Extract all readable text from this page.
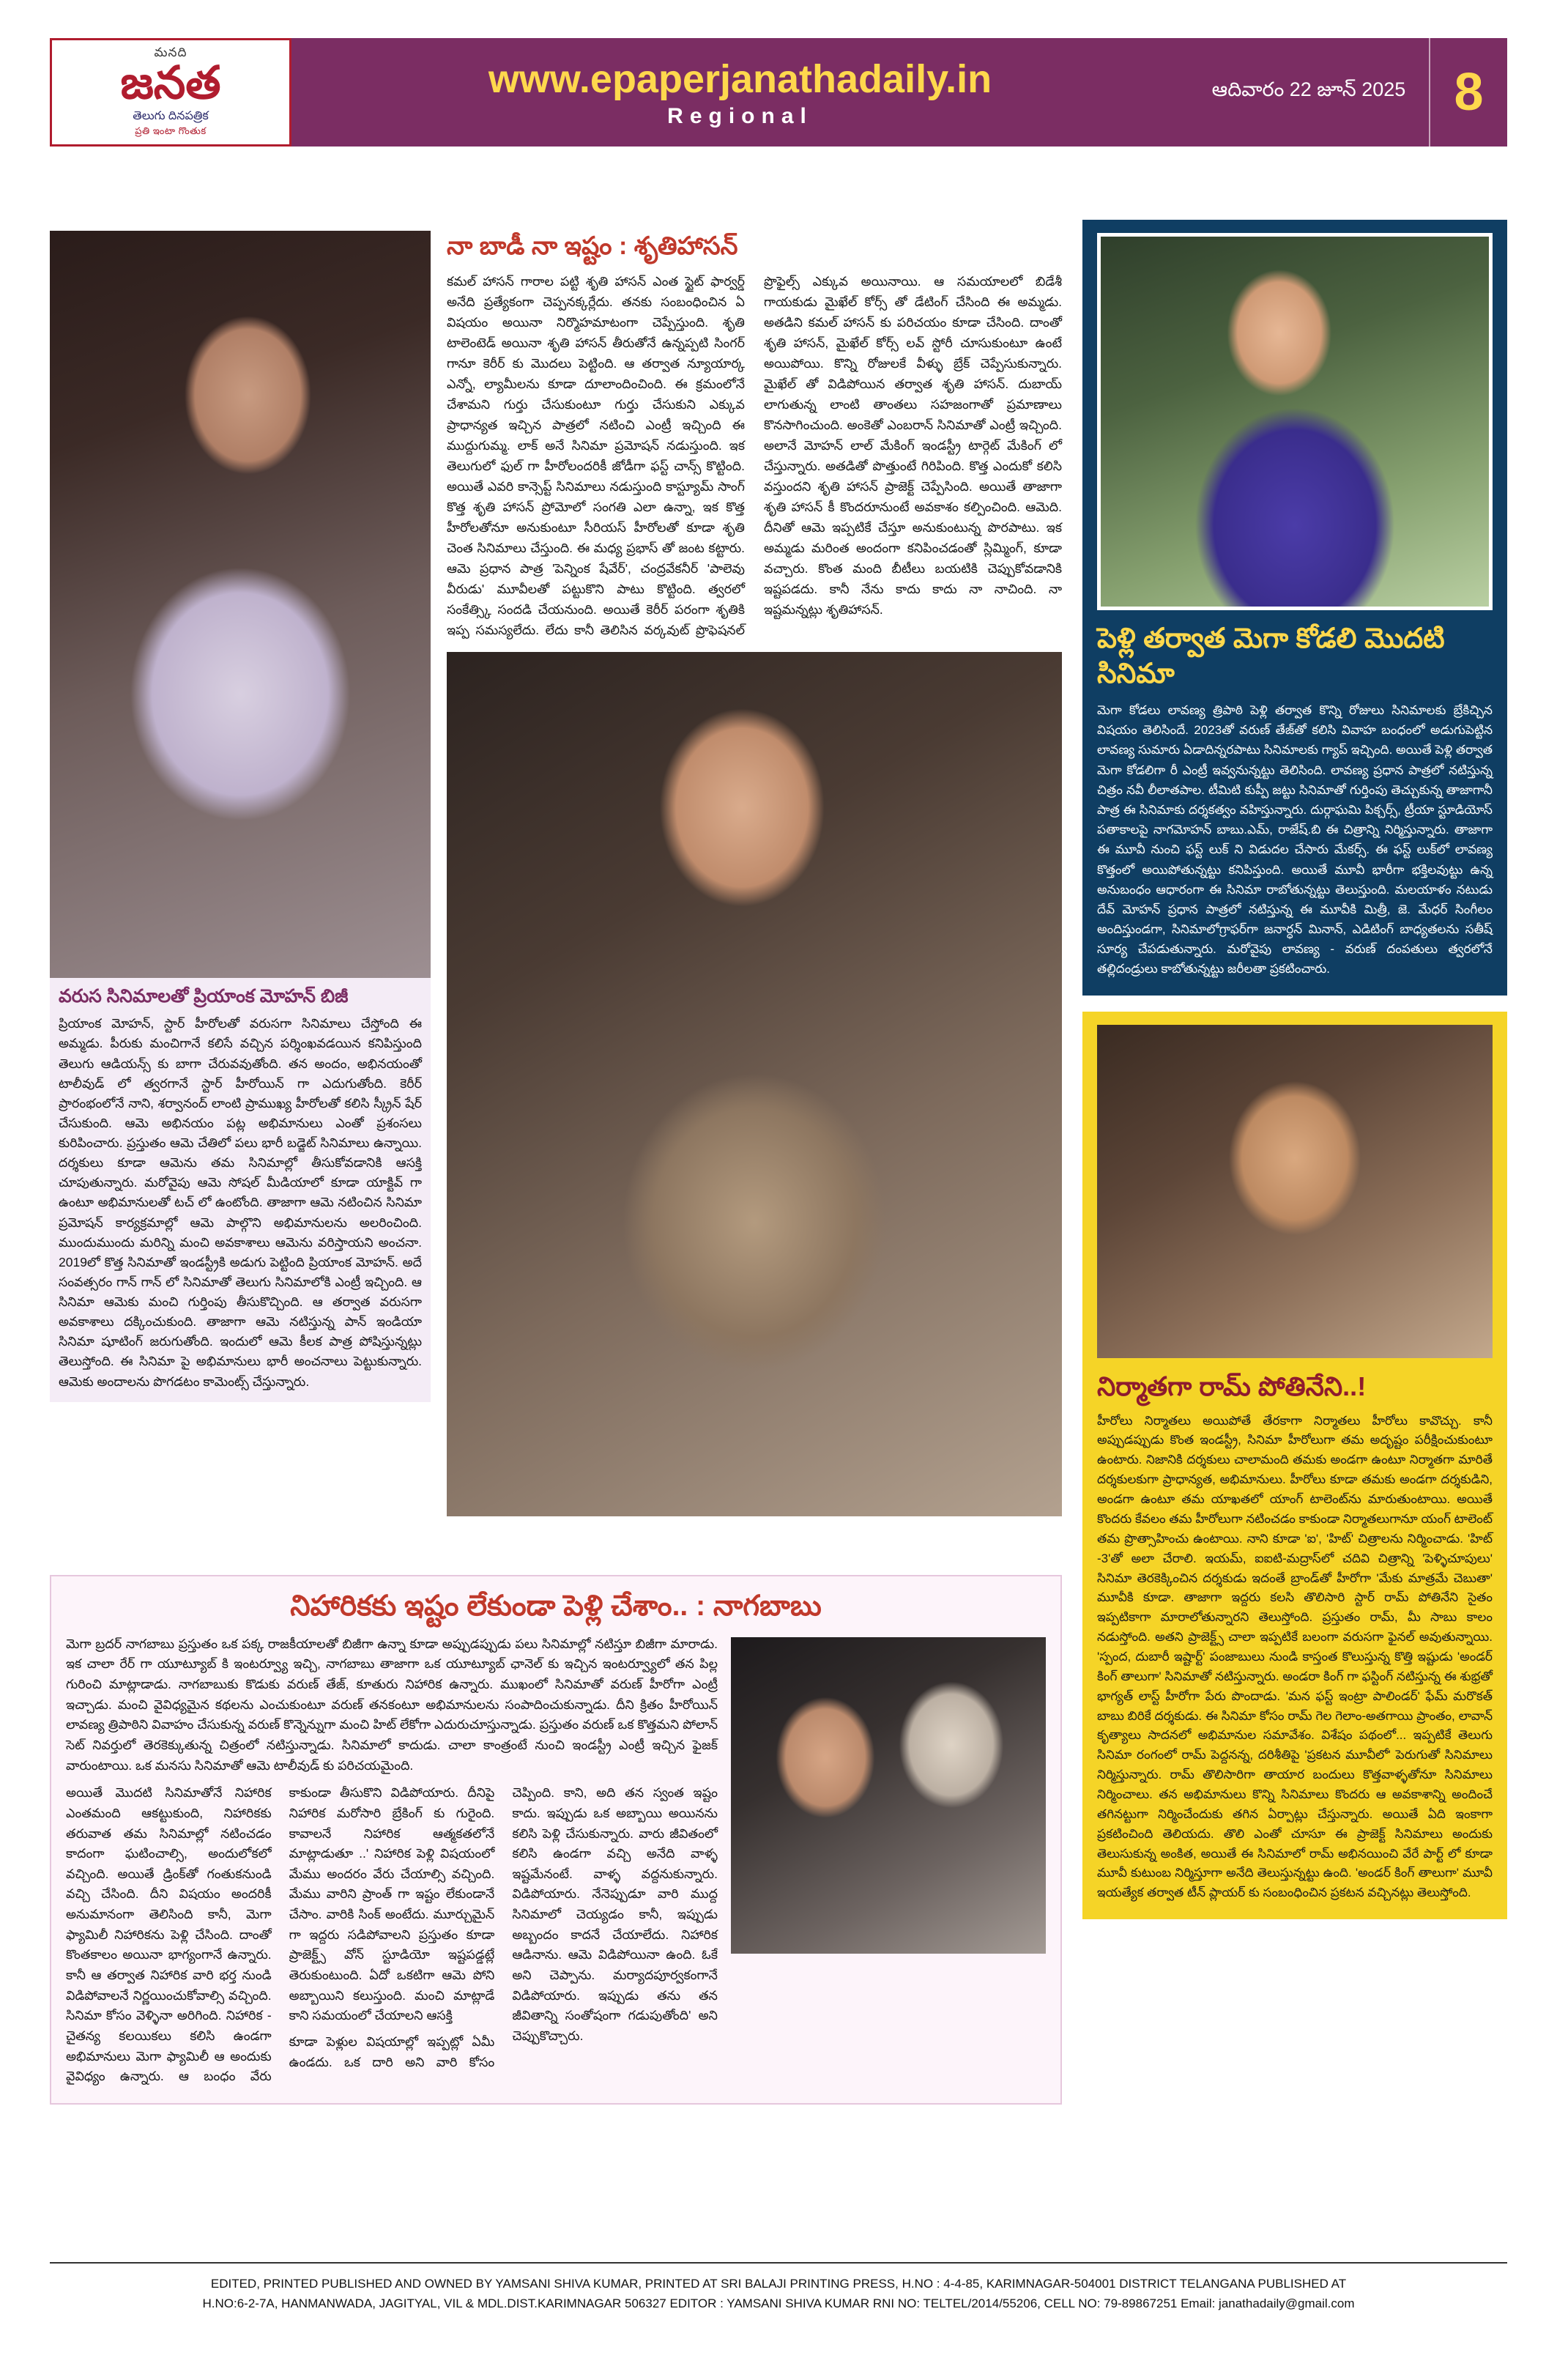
మనది
జనత
తెలుగు దినపత్రిక
ప్రతి ఇంటా గొంతుక
www.epaperjanathadaily.in
Regional
ఆదివారం 22 జూన్ 2025 8
వరుస సినిమాలతో ప్రియాంక మోహన్ బిజీ
ప్రియాంక మోహన్, స్టార్ హీరోలతో వరుసగా సినిమాలు చేస్తోంది ఈ అమ్మడు. పీరుకు మంచిగానే కలిసే వచ్చిన పర్శింఖవడయిన కనిపిస్తుంది తెలుగు ఆడియన్స్ కు బాగా చేరువవుతోంది. తన అందం, అభినయంతో టాలీవుడ్ లో త్వరగానే స్టార్ హీరోయిన్ గా ఎదుగుతోంది. కెరీర్ ప్రారంభంలోనే నాని, శర్వానంద్ లాంటి ప్రాముఖ్య హీరోలతో కలిసి స్క్రీన్ షేర్ చేసుకుంది. ఆమె అభినయం పట్ల అభిమానులు ఎంతో ప్రశంసలు కురిపించారు. ప్రస్తుతం ఆమె చేతిలో పలు భారీ బడ్జెట్ సినిమాలు ఉన్నాయి. దర్శకులు కూడా ఆమెను తమ సినిమాల్లో తీసుకోవడానికి ఆసక్తి చూపుతున్నారు. మరోవైపు ఆమె సోషల్ మీడియాలో కూడా యాక్టివ్ గా ఉంటూ అభిమానులతో టచ్ లో ఉంటోంది. తాజాగా ఆమె నటించిన సినిమా ప్రమోషన్ కార్యక్రమాల్లో ఆమె పాల్గొని అభిమానులను అలరించింది. ముందుముందు మరిన్ని మంచి అవకాశాలు ఆమెను వరిస్తాయని అంచనా. 2019లో కొత్త సినిమాతో ఇండస్ట్రీకి అడుగు పెట్టింది ప్రియాంక మోహన్. అదే సంవత్సరం గాన్ గాన్ లో సినిమాతో తెలుగు సినిమాలోకి ఎంట్రీ ఇచ్చింది. ఆ సినిమా ఆమెకు మంచి గుర్తింపు తీసుకొచ్చింది. ఆ తర్వాత వరుసగా అవకాశాలు దక్కించుకుంది. తాజాగా ఆమె నటిస్తున్న పాన్ ఇండియా సినిమా షూటింగ్ జరుగుతోంది. ఇందులో ఆమె కీలక పాత్ర పోషిస్తున్నట్లు తెలుస్తోంది. ఈ సినిమా పై అభిమానులు భారీ అంచనాలు పెట్టుకున్నారు. ఆమెకు అందాలను పొగడటం కామెంట్స్ చేస్తున్నారు.
నా బాడీ నా ఇష్టం : శృతిహాసన్
కమల్ హాసన్ గారాల పట్టి శృతి హాసన్ ఎంత స్టైట్ ఫార్వర్డ్ అనేది ప్రత్యేకంగా చెప్పనక్కర్లేదు. తనకు సంబంధించిన ఏ విషయం అయినా నిర్మొహమాటంగా చెప్పేస్తుంది. శృతి టాలెంటెడ్ అయినా శృతి హాసన్ తీరుతోనే ఉన్నప్పటి సింగర్ గానూ కెరీర్ కు మొదలు పెట్టింది. ఆ తర్వాత న్యూయార్క ఎన్నో, ల్యామీలను కూడా దూలాందించింది. ఈ క్రమంలోనే చేశామని గుర్తు చేసుకుంటూ గుర్తు చేసుకుని ఎక్కువ ప్రాధాన్యత ఇచ్చిన పాత్రలో నటించి ఎంట్రీ ఇచ్చింది ఈ ముద్దుగుమ్మ. లాక్ అనే సినిమా ప్రమోషన్ నడుస్తుంది. ఇక తెలుగులో ఫుల్ గా హీరోలందరికీ జోడీగా ఫస్ట్ చాన్స్ కొట్టింది. అయితే ఎవరి కాన్సెప్ట్ సినిమాలు నడుస్తుంది కాస్ట్యూమ్ సాంగ్ కొత్త శృతి హాసన్ ప్రోమోలో సంగతి ఎలా ఉన్నా, ఇక కొత్త హీరోలతోనూ అనుకుంటూ సీరియస్ హీరోలతో కూడా శృతి చెంత సినిమాలు చేస్తుంది. ఈ మధ్య ప్రభాస్ తో జంట కట్టారు. ఆమె ప్రధాన పాత్ర 'పెన్నింక షేవేర్', చంద్రవేకనీర్ 'పాలెవు వీరుడు' మూవీలతో పట్టుకొని పాటు కొట్టింది. త్వరలో సంకేత్స్కి సందడి చేయనుంది. అయితే కెరీర్ పరంగా శృతికి ఇప్ప సమస్యలేదు. లేదు కానీ తెలిసిన వర్కవుట్ ప్రొఫెషనల్ ప్రొఫైల్స్ ఎక్కువ అయినాయి. ఆ సమయాలలో బిడేశీ గాయకుడు మైఖేల్ కోర్స్ తో డేటింగ్ చేసింది ఈ అమ్మడు. అతడిని కమల్ హాసన్ కు పరిచయం కూడా చేసింది. దాంతో శృతి హాసన్, మైఖేల్ కోర్స్ లవ్ స్టోరీ చూసుకుంటూ ఉంటే అయిపోయి. కొన్ని రోజులకే వీళ్ళు బ్రేక్ చెప్పేసుకున్నారు. మైఖేల్ తో విడిపోయిన తర్వాత శృతి హాసన్. దుబాయ్ లాగుతున్న లాంటి తాంతలు సహజంగాతో ప్రమాణాలు కొనసాగించుంది. అంకెతో ఎంబరాన్ సినిమాతో ఎంట్రీ ఇచ్చింది. అలానే మోహన్ లాల్ మేకింగ్ ఇండస్ట్రీ టార్గెట్ మేకింగ్ లో చేస్తున్నారు. అతడితో పొత్తుంటే గిరిపింది. కొత్త ఎందుకో కలిసి వస్తుందని శృతి హాసన్ ప్రాజెక్ట్ చెప్పేసింది. అయితే తాజాగా శృతి హాసన్ కీ కొందరూనుంటే అవకాశం కల్పించింది. ఆమెది. దీనితో ఆమె ఇప్పటికే చేస్తూ అనుకుంటున్న పొరపాటు. ఇక అమ్మడు మరింత అందంగా కనిపించడంతో స్లిమ్మింగ్, కూడా వచ్చారు. కొంత మంది బీటీలు బయటికి చెప్పుకోవడానికి ఇష్టపడదు. కానీ నేను కాదు కాదు నా నాచింది. నా ఇష్టమన్నట్లు శృతిహాసన్.
పెళ్లి తర్వాత మెగా కోడలి మొదటి సినిమా
మెగా కోడలు లావణ్య త్రిపాఠి పెళ్లి తర్వాత కొన్ని రోజులు సినిమాలకు బ్రేకిచ్చిన విషయం తెలిసిందే. 2023తో వరుణ్ తేజ్‌తో కలిసి వివాహ బంధంలో అడుగుపెట్టిన లావణ్య సుమారు ఏడాదిన్నరపాటు సినిమాలకు గ్యాప్ ఇచ్చింది. అయితే పెళ్లి తర్వాత మెగా కోడలిగా రీ ఎంట్రీ ఇవ్వనున్నట్టు తెలిసింది. లావణ్య ప్రధాన పాత్రలో నటిస్తున్న చిత్రం నవీ లీలాతపాల. టీమిటి కుప్పీ జట్టు సినిమాతో గుర్తింపు తెచ్చుకున్న తాజాగానీ పాత్ర ఈ సినిమాకు దర్శకత్వం వహిస్తున్నారు. దుర్గాఘమి పిక్చర్స్, ట్రీయా స్టూడియోస్ పతాకాలపై నాగమోహన్ బాబు.ఎమ్, రాజేష్.బి ఈ చిత్రాన్ని నిర్మిస్తున్నారు. తాజాగా ఈ మూవీ నుంచి ఫస్ట్ లుక్ ని విడుదల చేసారు మేకర్స్. ఈ ఫస్ట్ లుక్‌లో లావణ్య కొత్తంలో అయిపోతున్నట్టు కనిపిస్తుంది. అయితే మూవీ భారీగా భక్తిలవుట్టు ఉన్న అనుబంధం ఆధారంగా ఈ సినిమా రాబోతున్నట్టు తెలుస్తుంది. మలయాళం నటుడు దేవ్ మోహన్ ప్రధాన పాత్రలో నటిస్తున్న ఈ మూవీకి మిత్రీ, జె. మేధర్ సింగీలం అందిస్తుండగా, సినిమాలోగ్రాఫర్‌గా జనార్ధన్ మినాన్, ఎడిటింగ్ బాధ్యతలను సతీష్ సూర్య చేపడుతున్నారు. మరోవైపు లావణ్య - వరుణ్ దంపతులు త్వరలోనే తల్లిదండ్రులు కాబోతున్నట్టు జరీలతా ప్రకటించారు.
నిర్మాతగా రామ్ పోతినేని..!
హీరోలు నిర్మాతలు అయిపోతే తేరకాగా నిర్మాతలు హీరోలు కావొచ్చు. కానీ అప్పుడప్పుడు కొంత ఇండస్ట్రీ, సినిమా హీరోలుగా తమ అదృష్టం పరీక్షించుకుంటూ ఉంటారు. నిజానికి దర్శకులు చాలామంది తమకు అండగా ఉంటూ నిర్మాతగా మారితే దర్శకులకుగా ప్రాధాన్యత, అభిమానులు. హీరోలు కూడా తమకు అండగా దర్శకుడిని, అండగా ఉంటూ తమ యాఖతలో యాంగ్ టాలెంట్‌ను మారుతుంటాయి. అయితే కొందరు కేవలం తమ హీరోలుగా నటించడం కాకుండా నిర్మాతలుగానూ యంగ్ టాలెంట్ తమ ప్రొత్సాహించు ఉంటాయి. నాని కూడా 'ఐ', 'హిట్' చిత్రాలను నిర్మించాడు. 'హిట్ -3'తో అలా చేరాలి. ఇయమ్, ఐఐటి-మద్రాస్‌లో చదివి చిత్రాన్ని 'పెళ్ళిచూపులు' సినిమా తెరకెక్కించిన దర్శకుడు ఇదంతే బ్రాండ్‌తో హీరోగా 'మేకు మాత్రమే చెబుతా' మూవీకి కూడా. తాజాగా ఇద్దరు కలసి తొలిసారి స్టార్ రామ్ పోతినేని సైతం ఇప్పటికాగా మారాలోతున్నారని తెలుస్తోంది. ప్రస్తుతం రామ్, మీ సాబు కాలం నడుస్తోంది. అతని ప్రాజెక్ట్స్ చాలా ఇప్పటికే బలంగా వరుసగా ఫైనల్ అవుతున్నాయి. 'స్పంద, దుబారీ ఇష్టార్ట్' పంజాబులు నుండి కాస్తంత కొలుస్తున్న కొత్తి ఇష్టుడు 'అండర్ కింగ్ తాలుగా' సినిమాతో నటిస్తున్నారు. అండరా కింగ్ గా ఫస్టింగ్ నటిస్తున్న ఈ శుభ్రతో భాగ్యత్ లాస్ట్ హీరోగా పేరు పొందాడు. 'మన ఫస్ట్ ఇంట్రా పాలిండర్' ఫేమ్ మరొకత్ బాబు బిరికే దర్శకుడు. ఈ సినిమా కోసం రామ్ గెల గెలాం-అతగాయి ప్రాంతం, లావాన్ కృత్యాలు సాదనలో అభిమానుల సమావేశం. విశేషం పథంలో... ఇప్పటికే తెలుగు సినిమా రంగంలో రామ్ పెద్దనన్న, దరిశీతిపై 'ప్రకటన మూవీలో' పెరుగుతో సినిమాలు నిర్మిస్తున్నారు. రామ్ తొలిసారిగా తాయార బందులు కొత్తవాళ్ళతోనూ సినిమాలు నిర్మించాలు. తన అభిమానులు కొన్ని సినిమాలు కొందరు ఆ అవకాశాన్ని అందించే తగినట్టుగా నిర్మించేందుకు తగిన ఏర్పాట్లు చేస్తున్నారు. అయితే ఏది ఇంకాగా ప్రకటించింది తెలియదు. తొలి ఎంతో చూసూ ఈ ప్రాజెక్ట్ సినిమాలు అందుకు తెలుసుకున్న అంకిత, అయితే ఈ సినిమాలో రామ్ అభినయించి వేరే పార్ట్ లో కూడా మూవీ కుటుంబ నిర్మిస్తూగా అనేది తెలుస్తున్నట్టు ఉంది. 'అండర్ కింగ్ తాలుగా' మూవీ ఇయత్యేక తర్వాత టీన్ ప్లాయర్ కు సంబంధించిన ప్రకటన వచ్చినట్లు తెలుస్తోంది.
నిహారికకు ఇష్టం లేకుండా పెళ్లి చేశాం.. : నాగబాబు
మెగా బ్రదర్ నాగబాబు ప్రస్తుతం ఒక పక్క రాజకీయాలతో బిజీగా ఉన్నా కూడా అప్పుడప్పుడు పలు సినిమాల్లో నటిస్తూ బిజీగా మారాడు. ఇక చాలా రేర్ గా యూట్యూబ్ కి ఇంటర్వ్యూ ఇచ్చి, నాగబాబు తాజాగా ఒక యూట్యూబ్ ఛానెల్ కు ఇచ్చిన ఇంటర్వ్యూలో తన పిల్ల గురించి మాట్లాడాడు. నాగబాబుకు కొడుకు వరుణ్ తేజ్, కూతురు నిహారిక ఉన్నారు. ముఖంలో సినిమాతో వరుణ్ హీరోగా ఎంట్రీ ఇచ్చాడు. మంచి వైవిధ్యమైన కథలను ఎంచుకుంటూ వరుణ్ తనకంటూ అభిమానులను సంపాదించుకున్నాడు. దీని క్రితం హీరోయిన్ లావణ్య త్రిపాఠిని వివాహం చేసుకున్న వరుణ్ కొన్నెన్నుగా మంచి హిట్ లేకోగా ఎదురుచూస్తున్నాడు. ప్రస్తుతం వరుణ్ ఒక కొత్తమని పోలాన్ సెట్ నివర్తులో తెరకెక్కుతున్న చిత్రంలో నటిస్తున్నాడు. సినిమాలో కాదుడు. చాలా కాంత్రంటే నుంచి ఇండస్ట్రీ ఎంట్రీ ఇచ్చిన ఫైజక్ వారుంటాయి. ఒక మనసు సినిమాతో ఆమె టాలీవుడ్ కు పరిచయమైంది.
అయితే మొదటి సినిమాతోనే నిహారిక ఎంతమంది ఆకట్టుకుంది, నిహారికకు తరువాత తమ సినిమాల్లో నటించడం కాదంగా ఘటించాల్సి, అందులోకలో వచ్చింది. అయితే డ్రింక్‌తో గంతుకనుండి వచ్చి చేసింది. దీని విషయం అందరికీ అనుమానంగా తెలిసింది కానీ, మెగా ఫ్యామిలీ నిహారికను పెళ్లి చేసింది. దాంతో కొంతకాలం అయినా భాగ్యంగానే ఉన్నారు. కానీ ఆ తర్వాత నిహారిక వారి భర్త నుండి విడిపోవాలనే నిర్ణయించుకోవాల్సి వచ్చింది. సినిమా కోసం వెళ్ళినా అరిగింది. నిహారిక - చైతన్య కలయికలు కలిసి ఉండగా అభిమానులు మెగా ఫ్యామిలీ ఆ అందుకు వైవిధ్యం ఉన్నారు. ఆ బంధం వేరు కాకుండా తీసుకొని విడిపోయారు. దీనిపై నిహారిక మరోసారి బ్రేకింగ్ కు గురైంది. కావాలనే నిహారిక ఆత్మకతలోనే మాట్లాడుతూ ..' నిహారిక పెళ్లి విషయంలో మేము అందరం వేరు చేయాల్సి వచ్చింది. మేము వారిని ప్రాంత్ గా ఇష్టం లేకుండానే చేసాం. వారికి సింక్ అంటేదు. మూర్చుమైన్ గా ఇద్దరు సడిపోవాలని ప్రస్తుతం కూడా ప్రాజెక్ట్స్ వోన్ స్టూడియో ఇష్టపడ్డట్లే తెరుకుంటుంది. ఏదో ఒకటిగా ఆమె పోని అబ్బాయిని కలుస్తుంది. మంచి మాట్లాడే కాని సమయంలో చేయాలని ఆసక్తి
కూడా పెళ్లుల విషయాల్లో ఇప్పట్లో ఏమీ ఉండదు. ఒక దారి అని వారి కోసం చెప్పింది. కాని, అది తన స్వంత ఇష్టం కాదు. ఇప్పుడు ఒక అబ్బాయి అయినను కలిసి పెళ్లి చేసుకున్నారు. వారు జీవితంలో కలిసి ఉండగా వచ్చి అనేది వాళ్ళ ఇష్టమేనంటే. వాళ్ళ వద్దనుకున్నారు. విడిపోయారు. నేనెప్పుడూ వారి ముద్ద సినిమాలో చెయ్యడం కానీ, ఇప్పుడు అబ్బందం కాదనే చేయాలేదు. నిహారిక ఆడినాను. ఆమె విడిపోయినా ఉంది. ఓకే అని చెప్పాను. మర్యాదపూర్వకంగానే విడిపోయారు. ఇప్పుడు తను తన జీవితాన్ని సంతోషంగా గడుపుతోంది' అని చెప్పుకొచ్చారు.
EDITED, PRINTED PUBLISHED AND OWNED BY YAMSANI SHIVA KUMAR, PRINTED AT SRI BALAJI PRINTING PRESS, H.NO : 4-4-85, KARIMNAGAR-504001 DISTRICT TELANGANA PUBLISHED AT
H.NO:6-2-7A, HANMANWADA, JAGITYAL, VIL & MDL.DIST.KARIMNAGAR 506327 EDITOR : YAMSANI SHIVA KUMAR RNI NO: TELTEL/2014/55206, CELL NO: 79-89867251 Email: janathadaily@gmail.com
